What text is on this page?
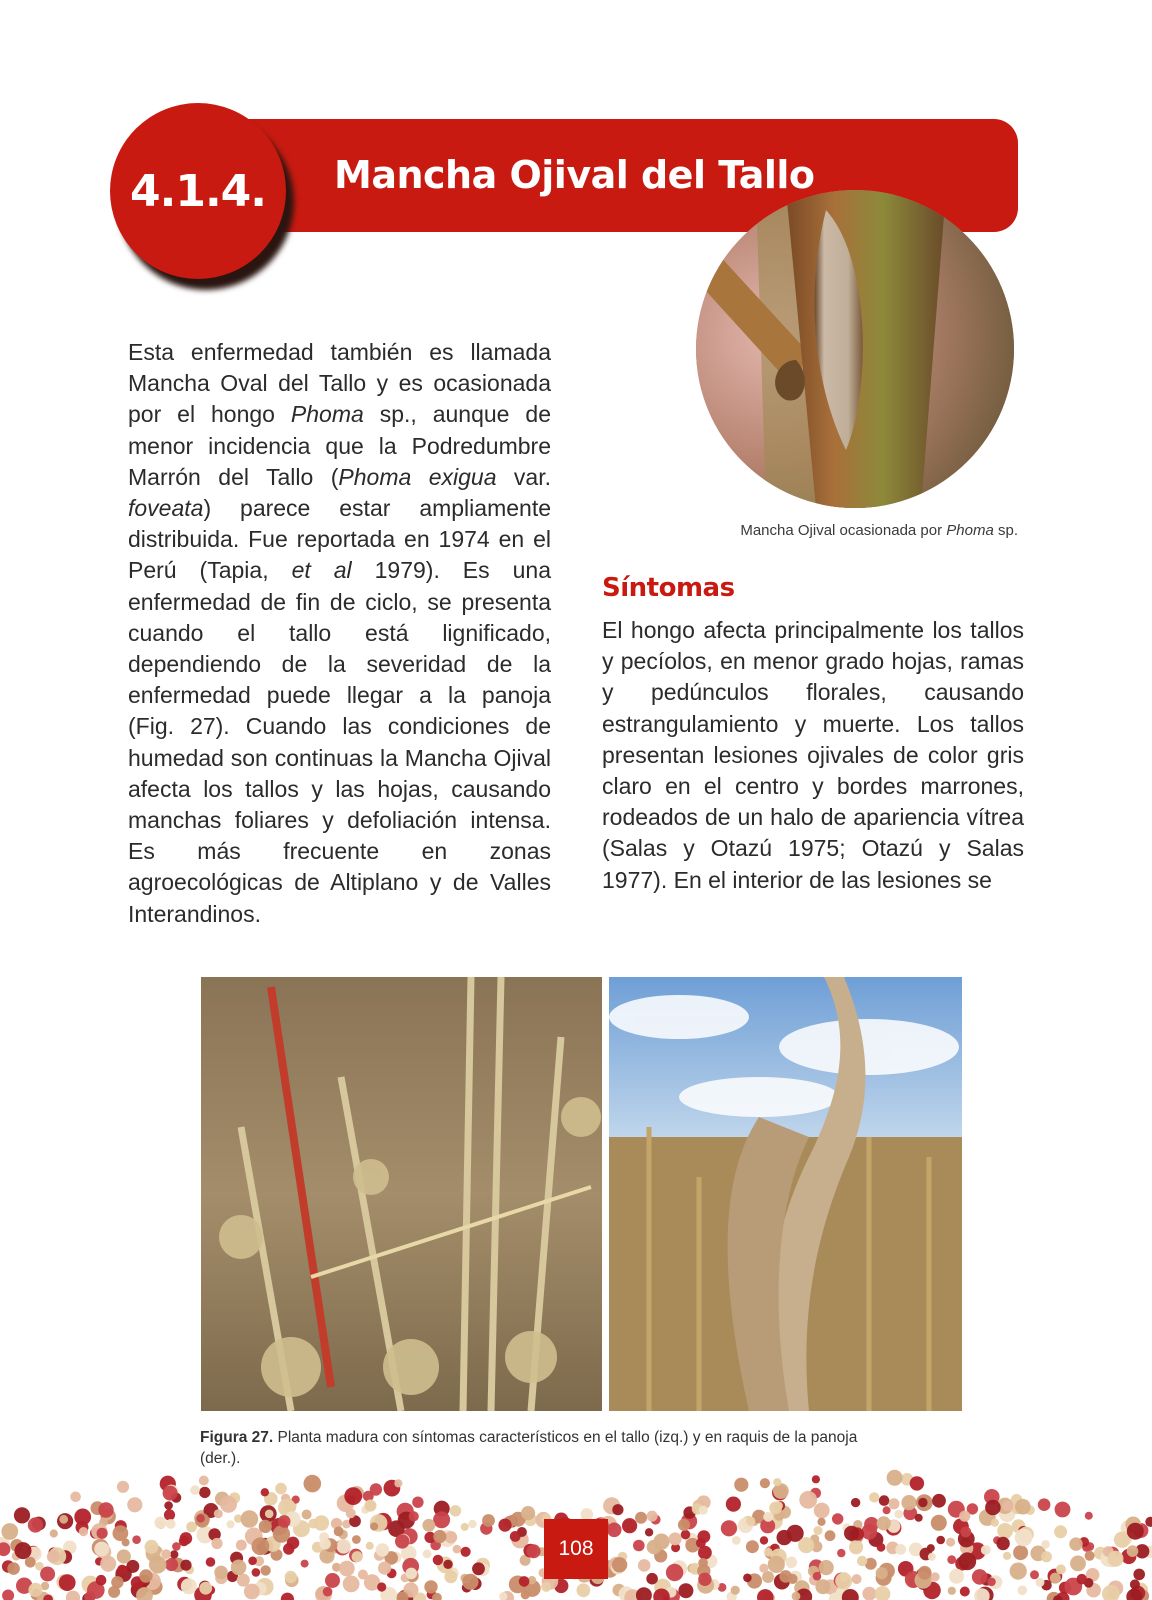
Mancha Ojival del Tallo
4.1.4.
Mancha Ojival ocasionada por Phoma sp.

Esta enfermedad también es llamada Mancha Oval del Tallo y es ocasionada por el hongo Phoma sp., aunque de menor incidencia que la Podredumbre Marrón del Tallo (Phoma exigua var. foveata) parece estar ampliamente distribuida. Fue reportada en 1974 en el Perú (Tapia, et al 1979). Es una enfermedad de fin de ciclo, se presenta cuando el tallo está lignificado, dependiendo de la severidad de la enfermedad puede llegar a la panoja (Fig. 27). Cuando las condiciones de humedad son continuas la Mancha Ojival afecta los tallos y las hojas, causando manchas foliares y defoliación intensa. Es más frecuente en zonas agroecológicas de Altiplano y de Valles Interandinos.

Síntomas

El hongo afecta principalmente los tallos y pecíolos, en menor grado hojas, ramas y pedúnculos florales, causando estrangulamiento y muerte. Los tallos presentan lesiones ojivales de color gris claro en el centro y bordes marrones, rodeados de un halo de apariencia vítrea (Salas y Otazú 1975; Otazú y Salas 1977). En el interior de las lesiones se

Figura 27. Planta madura con síntomas característicos en el tallo (izq.) y en raquis de la panoja (der.).
108
